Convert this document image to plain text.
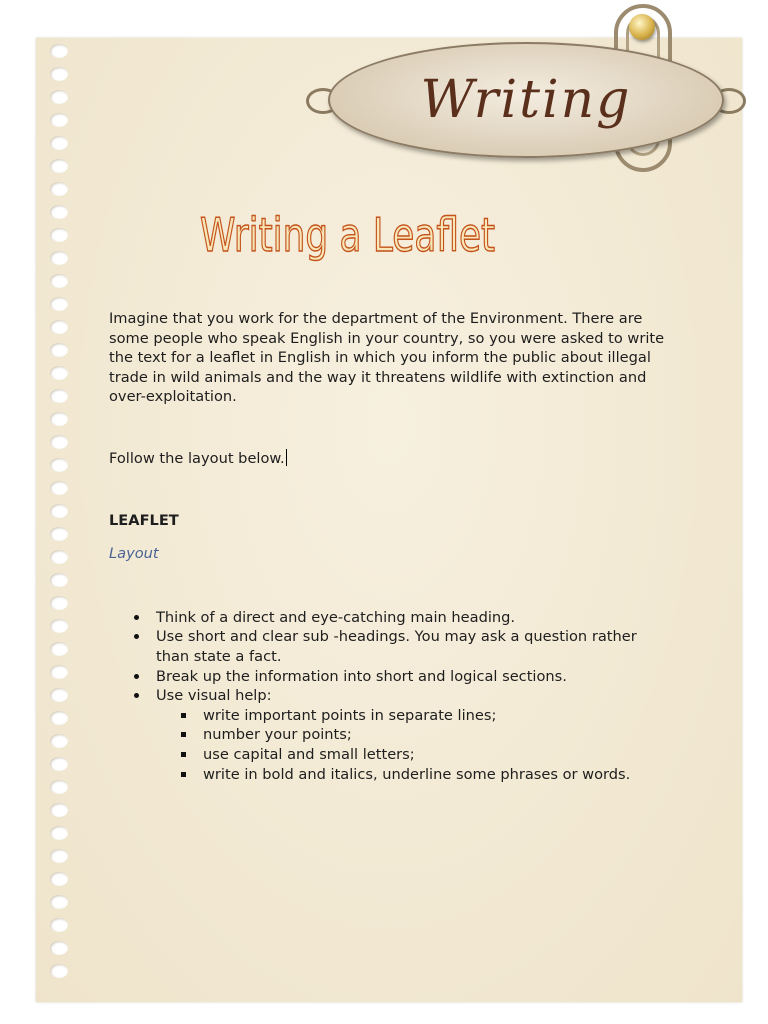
Writing
Writing a Leaflet

Imagine that you work for the department of the Environment. There are some people who speak English in your country, so you were asked to write the text for a leaflet in English in which you inform the public about illegal trade in wild animals and the way it threatens wildlife with extinction and over-exploitation.

Follow the layout below.

LEAFLET

Layout

Think of a direct and eye-catching main heading.
Use short and clear sub -headings. You may ask a question rather than state a fact.
Break up the information into short and logical sections.
Use visual help:
write important points in separate lines;
number your points;
use capital and small letters;
write in bold and italics, underline some phrases or words.
